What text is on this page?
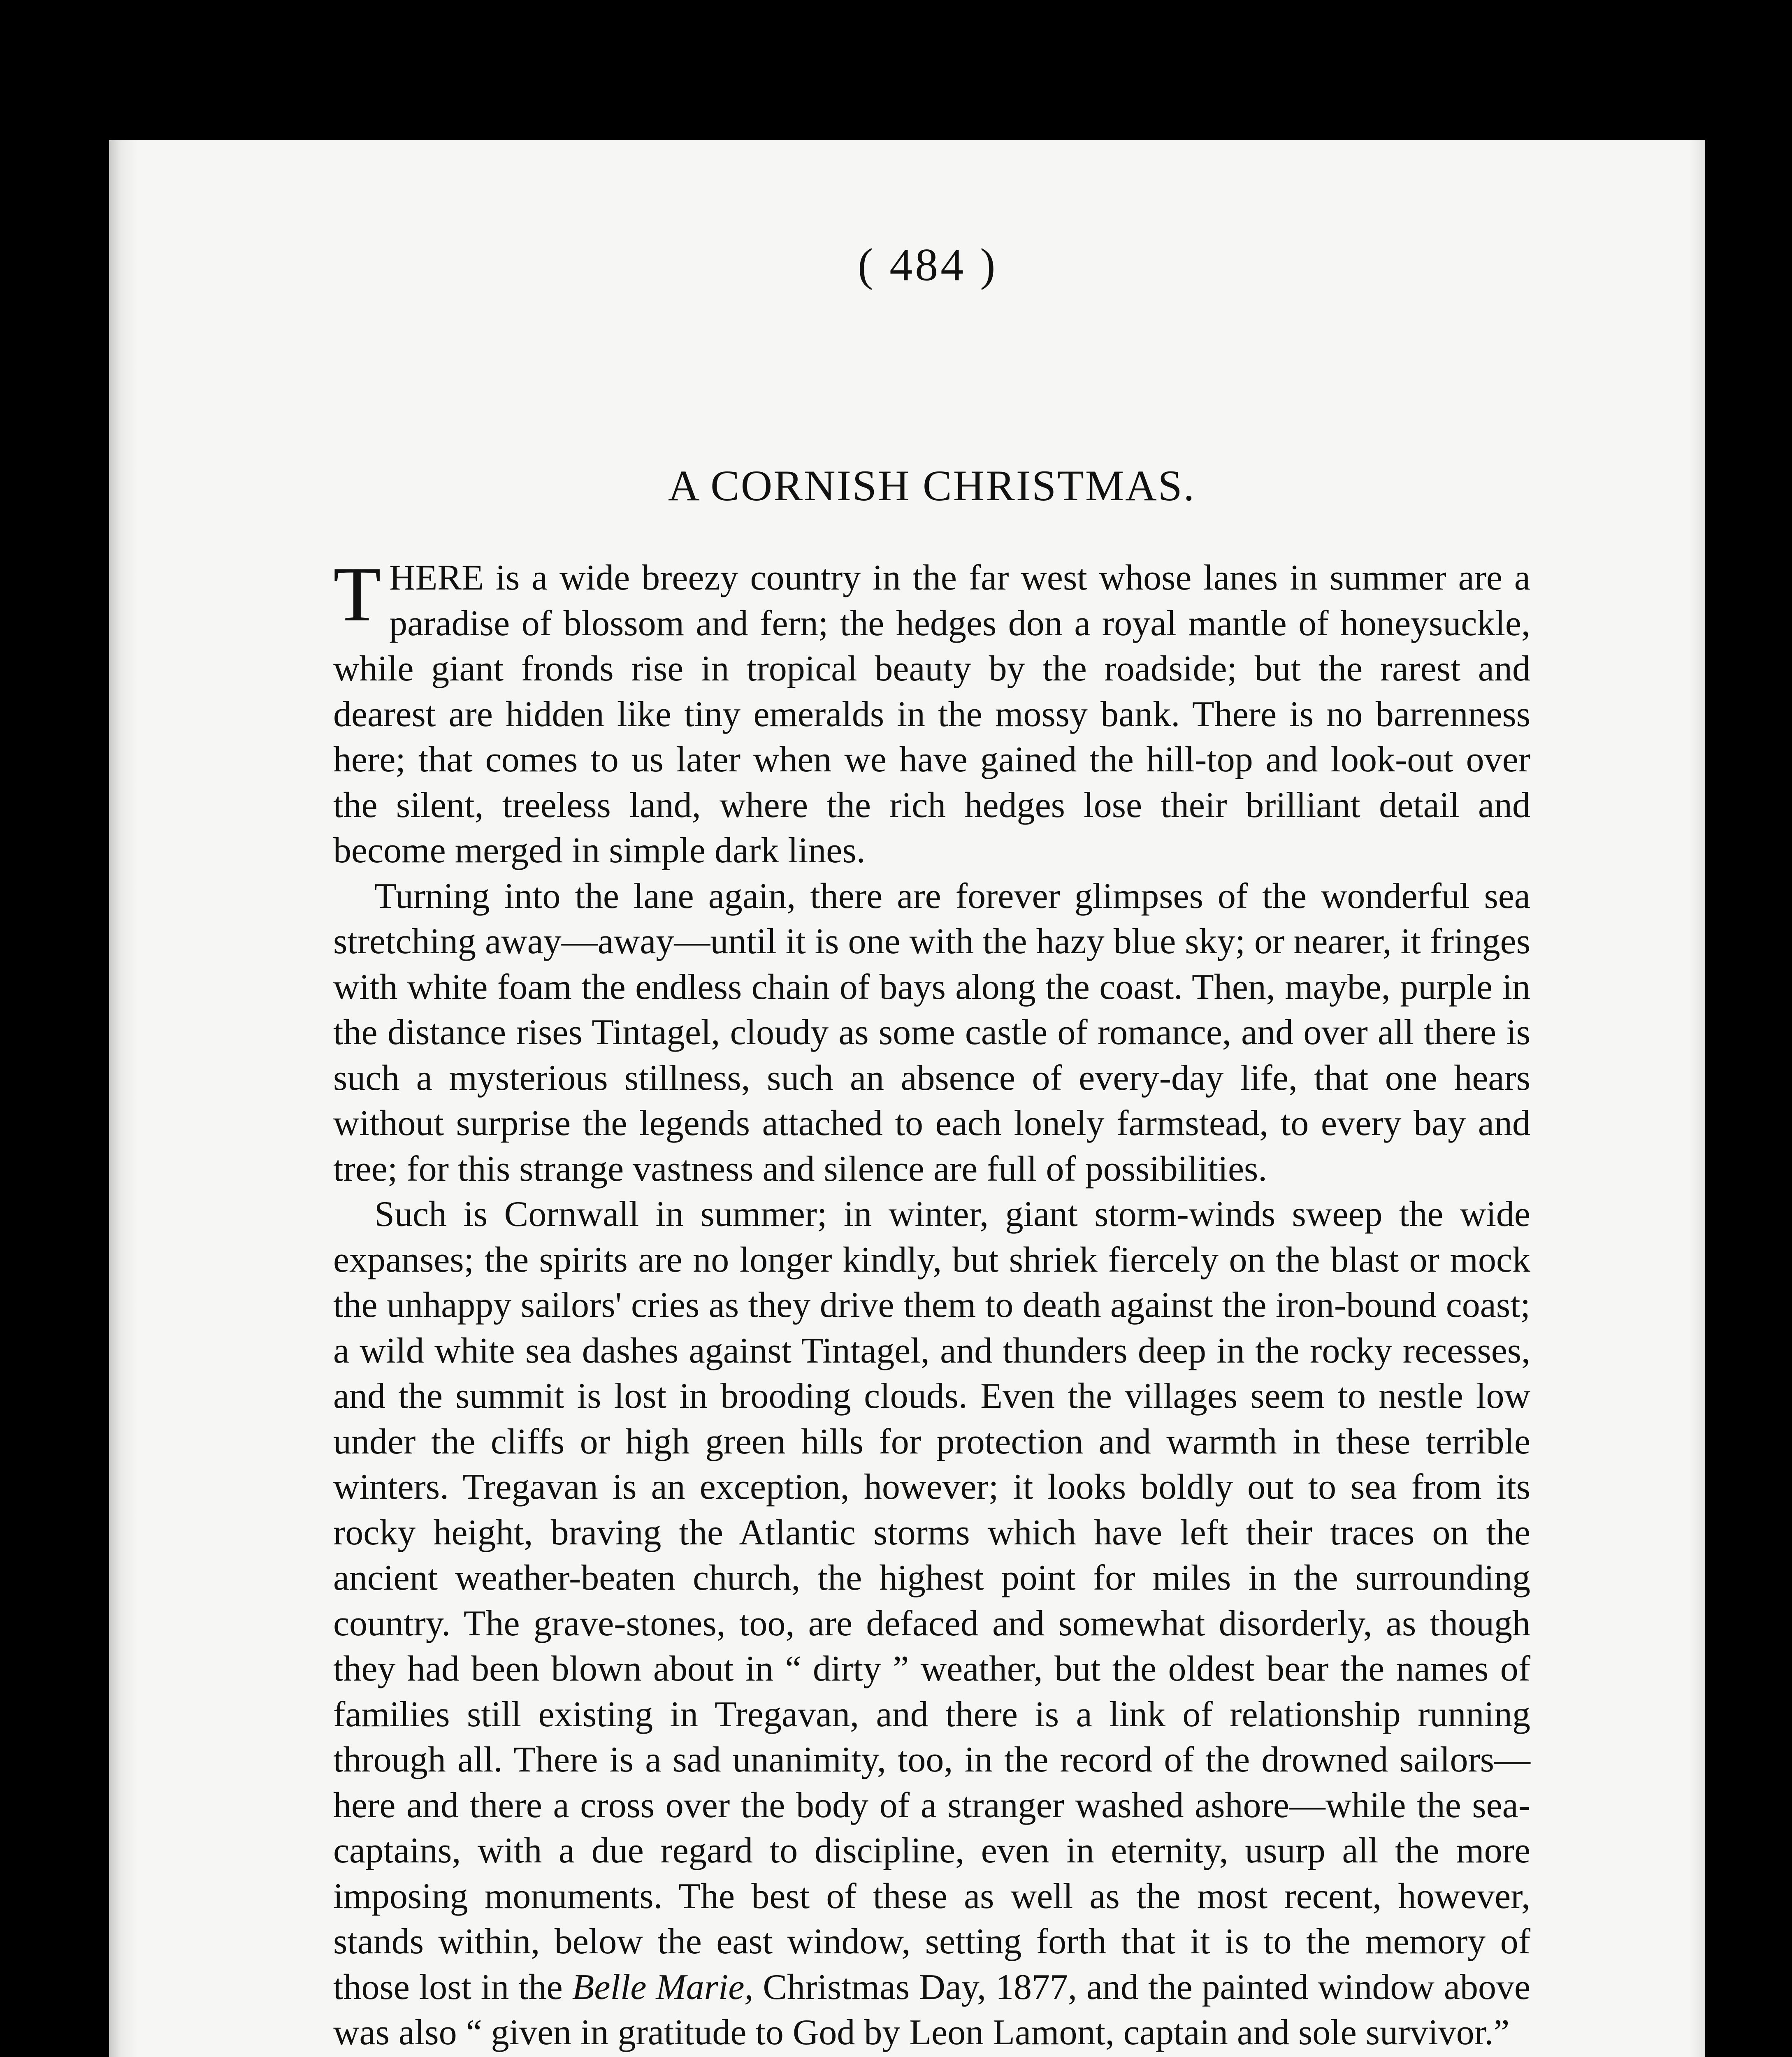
( 484 )
A CORNISH CHRISTMAS.

THERE is a wide breezy country in the far west whose lanes in summer are a paradise of blossom and fern; the hedges don a royal mantle of honeysuckle, while giant fronds rise in tropical beauty by the roadside; but the rarest and dearest are hidden like tiny emeralds in the mossy bank. There is no barrenness here; that comes to us later when we have gained the hill-top and look-out over the silent, treeless land, where the rich hedges lose their brilliant detail and become merged in simple dark lines.

Turning into the lane again, there are forever glimpses of the wonderful sea stretching away—away—until it is one with the hazy blue sky; or nearer, it fringes with white foam the endless chain of bays along the coast. Then, maybe, purple in the distance rises Tintagel, cloudy as some castle of romance, and over all there is such a mysterious stillness, such an absence of every-day life, that one hears without surprise the legends attached to each lonely farmstead, to every bay and tree; for this strange vastness and silence are full of possibilities.

Such is Cornwall in summer; in winter, giant storm-winds sweep the wide expanses; the spirits are no longer kindly, but shriek fiercely on the blast or mock the unhappy sailors' cries as they drive them to death against the iron-bound coast; a wild white sea dashes against Tintagel, and thunders deep in the rocky recesses, and the summit is lost in brooding clouds. Even the villages seem to nestle low under the cliffs or high green hills for protection and warmth in these terrible winters. Tregavan is an exception, however; it looks boldly out to sea from its rocky height, braving the Atlantic storms which have left their traces on the ancient weather-beaten church, the highest point for miles in the surrounding country. The grave-stones, too, are defaced and somewhat disorderly, as though they had been blown about in “ dirty ” weather, but the oldest bear the names of families still existing in Tregavan, and there is a link of relationship running through all. There is a sad unanimity, too, in the record of the drowned sailors—here and there a cross over the body of a stranger washed ashore—while the sea-captains, with a due regard to discipline, even in eternity, usurp all the more imposing monuments. The best of these as well as the most recent, however, stands within, below the east window, setting forth that it is to the memory of those lost in the Belle Marie, Christmas Day, 1877, and the painted window above was also “ given in gratitude to God by Leon Lamont, captain and sole survivor.”
